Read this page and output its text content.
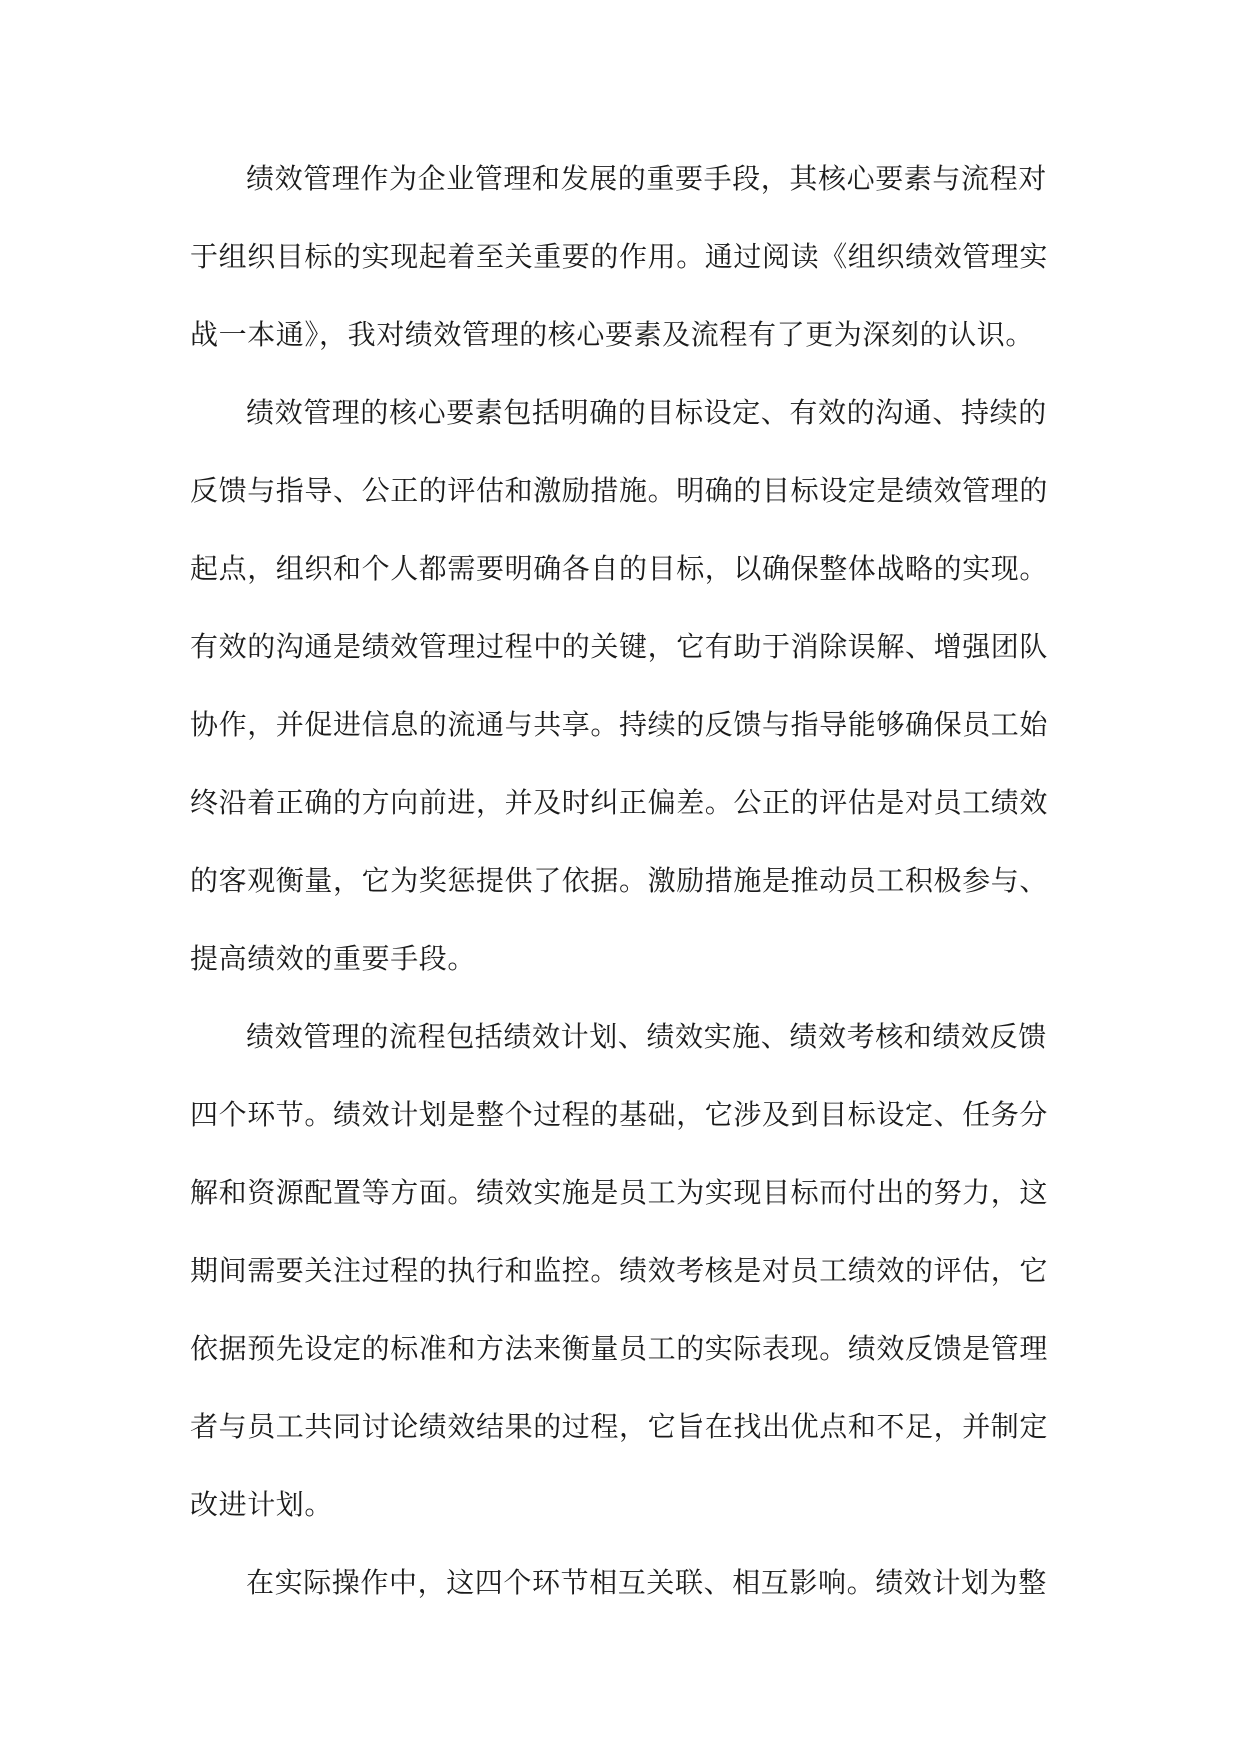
绩效管理作为企业管理和发展的重要手段，其核心要素与流程对
于组织目标的实现起着至关重要的作用。通过阅读《组织绩效管理实
战一本通》，我对绩效管理的核心要素及流程有了更为深刻的认识。
绩效管理的核心要素包括明确的目标设定、有效的沟通、持续的
反馈与指导、公正的评估和激励措施。明确的目标设定是绩效管理的
起点，组织和个人都需要明确各自的目标，以确保整体战略的实现。
有效的沟通是绩效管理过程中的关键，它有助于消除误解、增强团队
协作，并促进信息的流通与共享。持续的反馈与指导能够确保员工始
终沿着正确的方向前进，并及时纠正偏差。公正的评估是对员工绩效
的客观衡量，它为奖惩提供了依据。激励措施是推动员工积极参与、
提高绩效的重要手段。
绩效管理的流程包括绩效计划、绩效实施、绩效考核和绩效反馈
四个环节。绩效计划是整个过程的基础，它涉及到目标设定、任务分
解和资源配置等方面。绩效实施是员工为实现目标而付出的努力，这
期间需要关注过程的执行和监控。绩效考核是对员工绩效的评估，它
依据预先设定的标准和方法来衡量员工的实际表现。绩效反馈是管理
者与员工共同讨论绩效结果的过程，它旨在找出优点和不足，并制定
改进计划。
在实际操作中，这四个环节相互关联、相互影响。绩效计划为整
